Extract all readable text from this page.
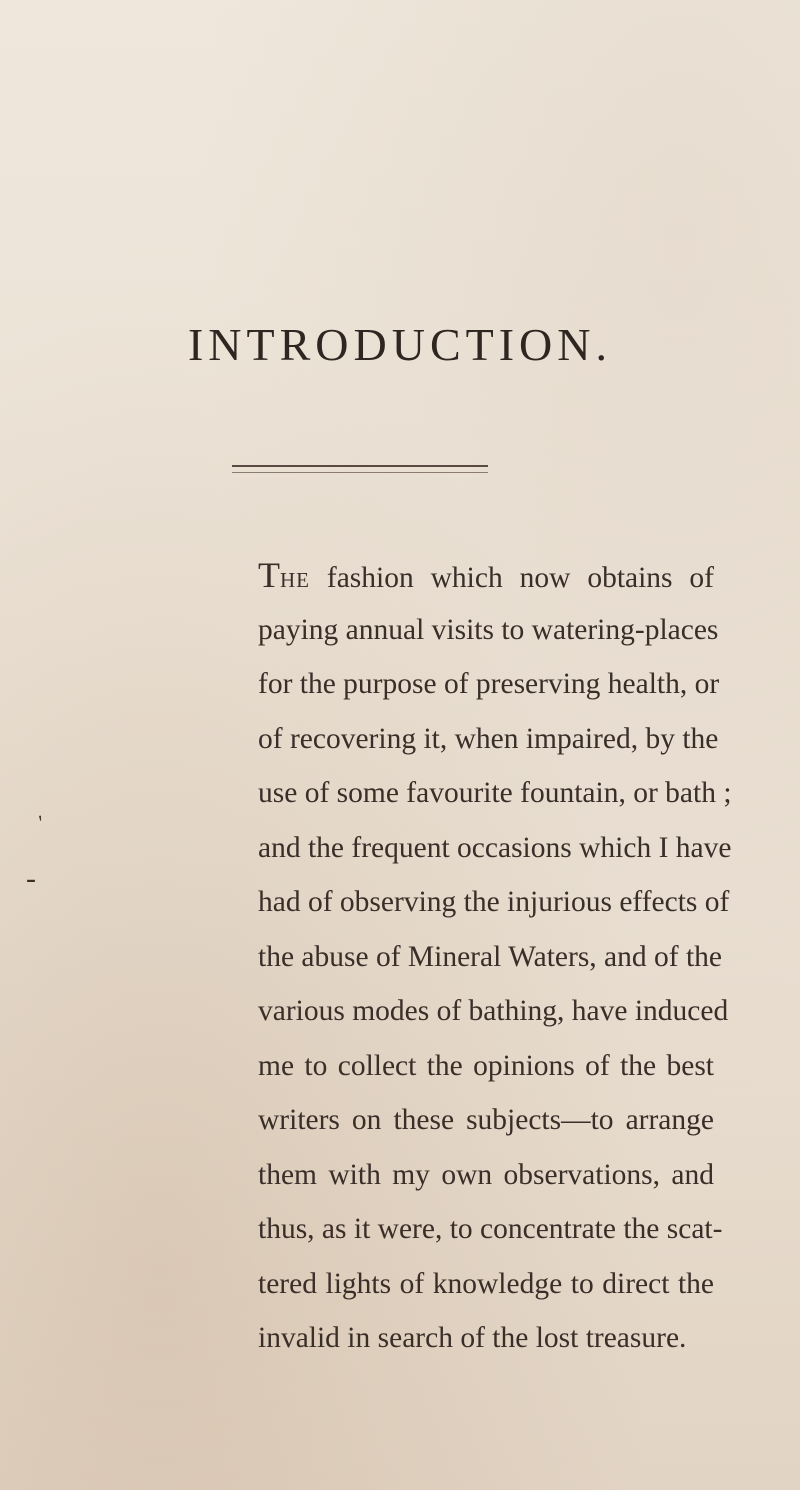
INTRODUCTION.
'
-
The fashion which now obtains of
paying annual visits to watering-places
for the purpose of preserving health, or
of recovering it, when impaired, by the
use of some favourite fountain, or bath ;
and the frequent occasions which I have
had of observing the injurious effects of
the abuse of Mineral Waters, and of the
various modes of bathing, have induced
me to collect the opinions of the best
writers on these subjects—to arrange
them with my own observations, and
thus, as it were, to concentrate the scat-
tered lights of knowledge to direct the
invalid in search of the lost treasure.
